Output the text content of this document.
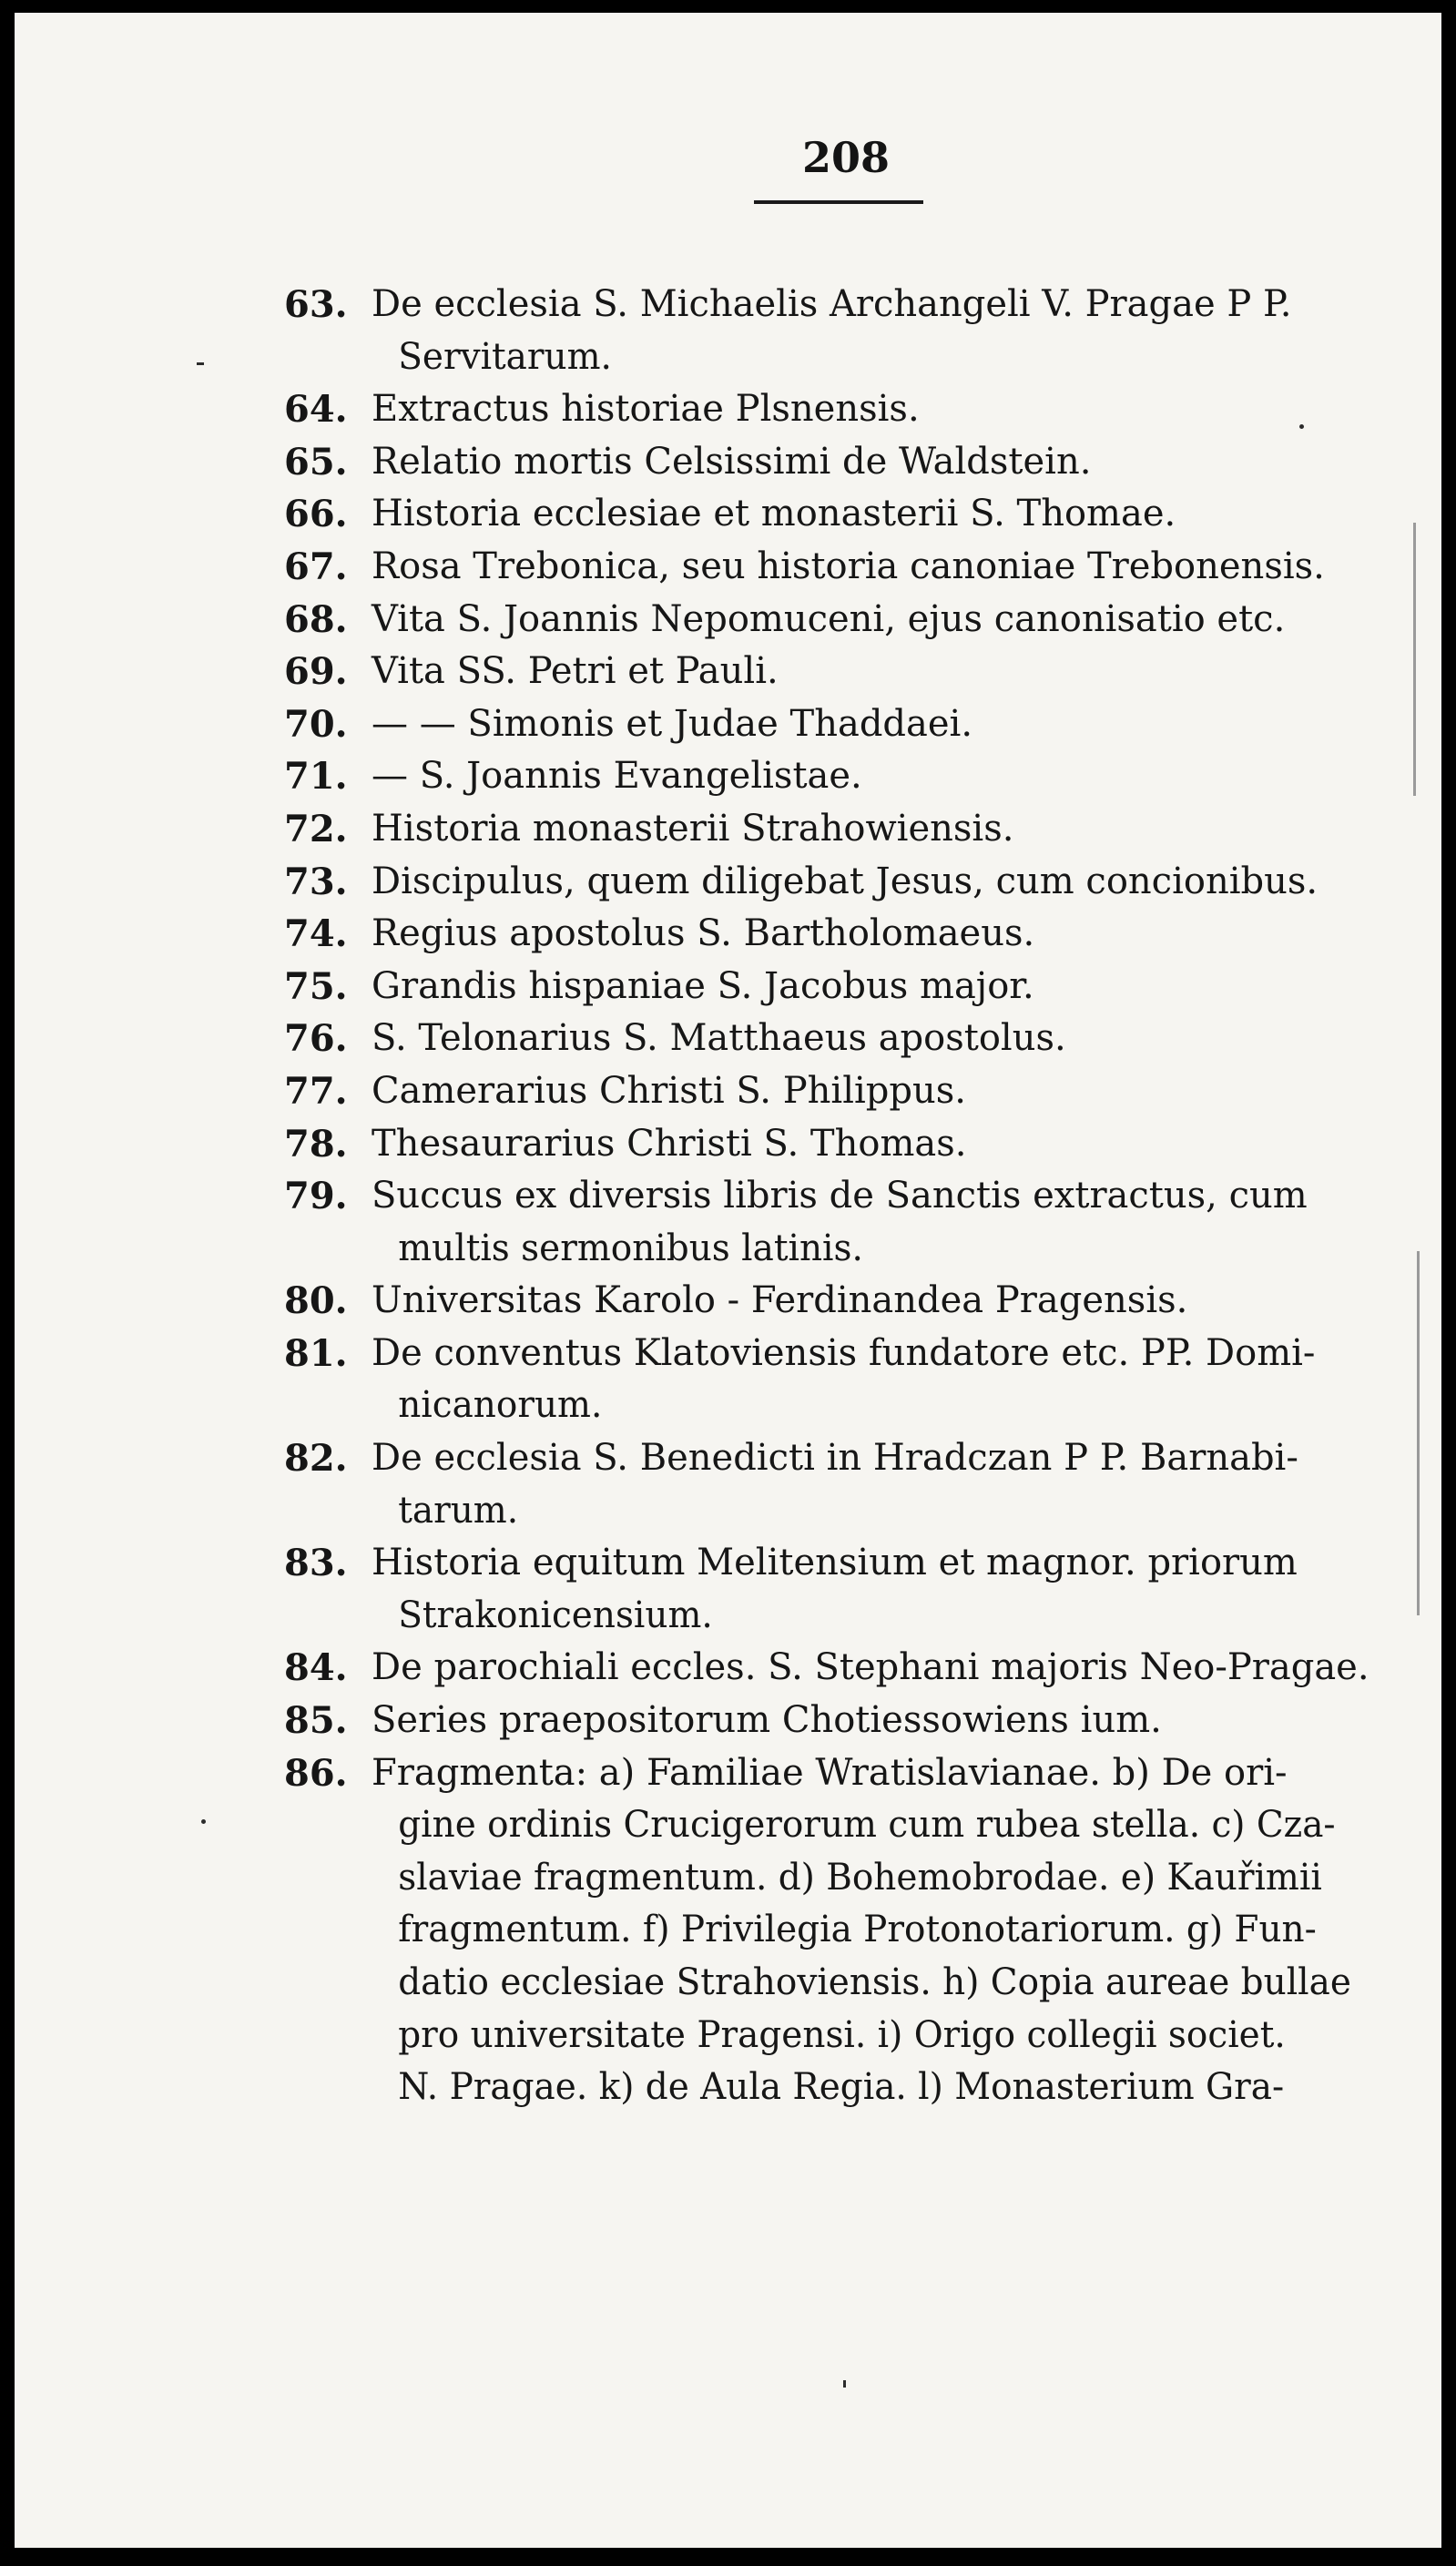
208
63. De ecclesia S. Michaelis Archangeli V. Pragae P P.
Servitarum.
64. Extractus historiae Plsnensis.
65. Relatio mortis Celsissimi de Waldstein.
66. Historia ecclesiae et monasterii S. Thomae.
67. Rosa Trebonica, seu historia canoniae Trebonensis.
68. Vita S. Joannis Nepomuceni, ejus canonisatio etc.
69. Vita SS. Petri et Pauli.
70. — — Simonis et Judae Thaddaei.
71. — S. Joannis Evangelistae.
72. Historia monasterii Strahowiensis.
73. Discipulus, quem diligebat Jesus, cum concionibus.
74. Regius apostolus S. Bartholomaeus.
75. Grandis hispaniae S. Jacobus major.
76. S. Telonarius S. Matthaeus apostolus.
77. Camerarius Christi S. Philippus.
78. Thesaurarius Christi S. Thomas.
79. Succus ex diversis libris de Sanctis extractus, cum
multis sermonibus latinis.
80. Universitas Karolo - Ferdinandea Pragensis.
81. De conventus Klatoviensis fundatore etc. PP. Domi-
nicanorum.
82. De ecclesia S. Benedicti in Hradczan P P. Barnabi-
tarum.
83. Historia equitum Melitensium et magnor. priorum
Strakonicensium.
84. De parochiali eccles. S. Stephani majoris Neo-Pragae.
85. Series praepositorum Chotiessowiens ium.
86. Fragmenta: a) Familiae Wratislavianae. b) De ori-
gine ordinis Crucigerorum cum rubea stella. c) Cza-
slaviae fragmentum. d) Bohemobrodae. e) Kauřimii
fragmentum. f) Privilegia Protonotariorum. g) Fun-
datio ecclesiae Strahoviensis. h) Copia aureae bullae
pro universitate Pragensi. i) Origo collegii societ.
N. Pragae. k) de Aula Regia. l) Monasterium Gra-
